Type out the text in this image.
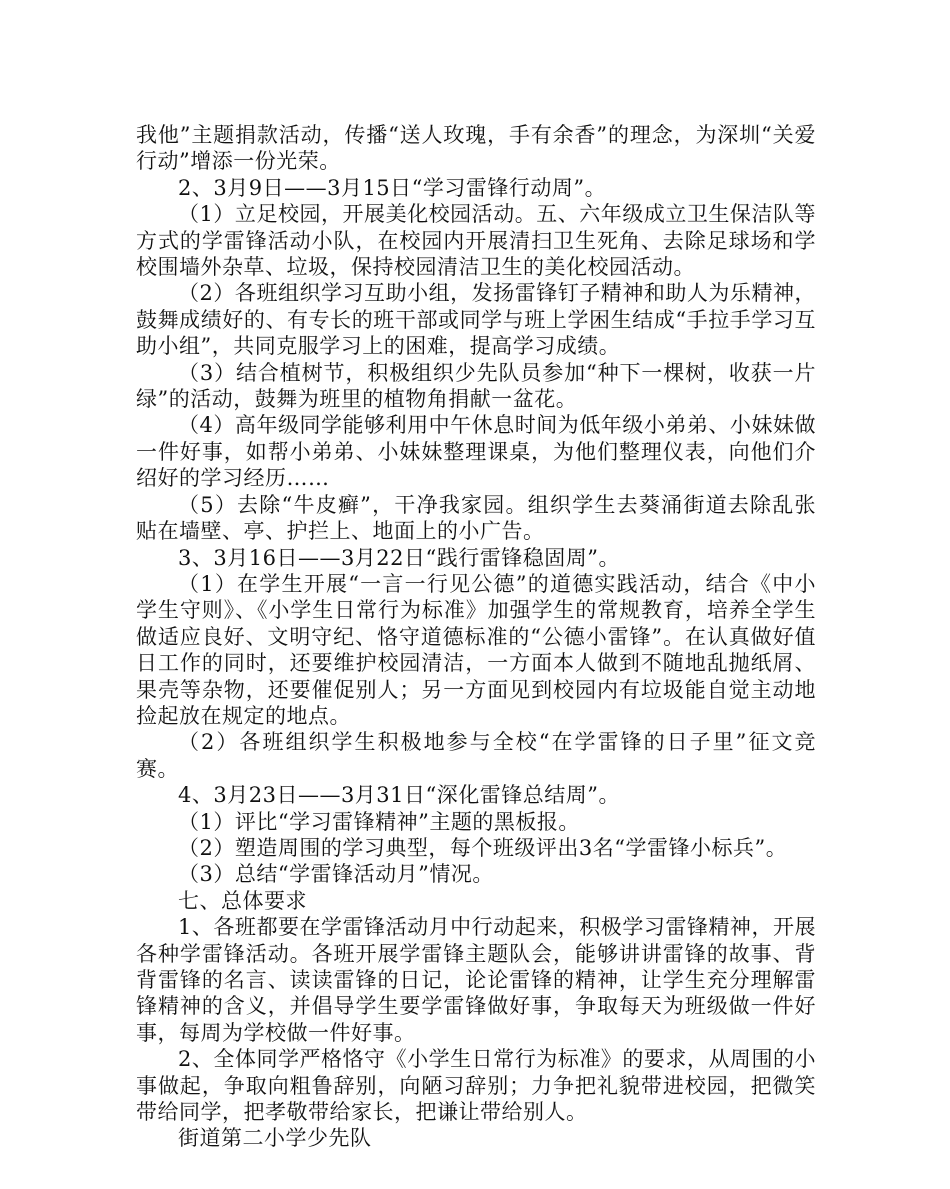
我他”主题捐款活动，传播“送人玫瑰，手有余香”的理念，为深圳“关爱行动”增添一份光荣。

2、3月9日——3月15日“学习雷锋行动周”。

（1）立足校园，开展美化校园活动。五、六年级成立卫生保洁队等方式的学雷锋活动小队，在校园内开展清扫卫生死角、去除足球场和学校围墙外杂草、垃圾，保持校园清洁卫生的美化校园活动。

（2）各班组织学习互助小组，发扬雷锋钉子精神和助人为乐精神，鼓舞成绩好的、有专长的班干部或同学与班上学困生结成“手拉手学习互助小组”，共同克服学习上的困难，提高学习成绩。

（3）结合植树节，积极组织少先队员参加“种下一棵树，收获一片绿”的活动，鼓舞为班里的植物角捐献一盆花。

（4）高年级同学能够利用中午休息时间为低年级小弟弟、小妹妹做一件好事，如帮小弟弟、小妹妹整理课桌，为他们整理仪表，向他们介绍好的学习经历……

（5）去除“牛皮癣”，干净我家园。组织学生去葵涌街道去除乱张贴在墙壁、亭、护拦上、地面上的小广告。

3、3月16日——3月22日“践行雷锋稳固周”。

（1）在学生开展“一言一行见公德”的道德实践活动，结合《中小学生守则》、《小学生日常行为标准》加强学生的常规教育，培养全学生做适应良好、文明守纪、恪守道德标准的“公德小雷锋”。在认真做好值日工作的同时，还要维护校园清洁，一方面本人做到不随地乱抛纸屑、果壳等杂物，还要催促别人；另一方面见到校园内有垃圾能自觉主动地捡起放在规定的地点。

（2）各班组织学生积极地参与全校“在学雷锋的日子里”征文竞赛。

4、3月23日——3月31日“深化雷锋总结周”。

（1）评比“学习雷锋精神”主题的黑板报。

（2）塑造周围的学习典型，每个班级评出3名“学雷锋小标兵”。

（3）总结“学雷锋活动月”情况。

七、总体要求

1、各班都要在学雷锋活动月中行动起来，积极学习雷锋精神，开展各种学雷锋活动。各班开展学雷锋主题队会，能够讲讲雷锋的故事、背背雷锋的名言、读读雷锋的日记，论论雷锋的精神，让学生充分理解雷锋精神的含义，并倡导学生要学雷锋做好事，争取每天为班级做一件好事，每周为学校做一件好事。

2、全体同学严格恪守《小学生日常行为标准》的要求，从周围的小事做起，争取向粗鲁辞别，向陋习辞别；力争把礼貌带进校园，把微笑带给同学，把孝敬带给家长，把谦让带给别人。

街道第二小学少先队
